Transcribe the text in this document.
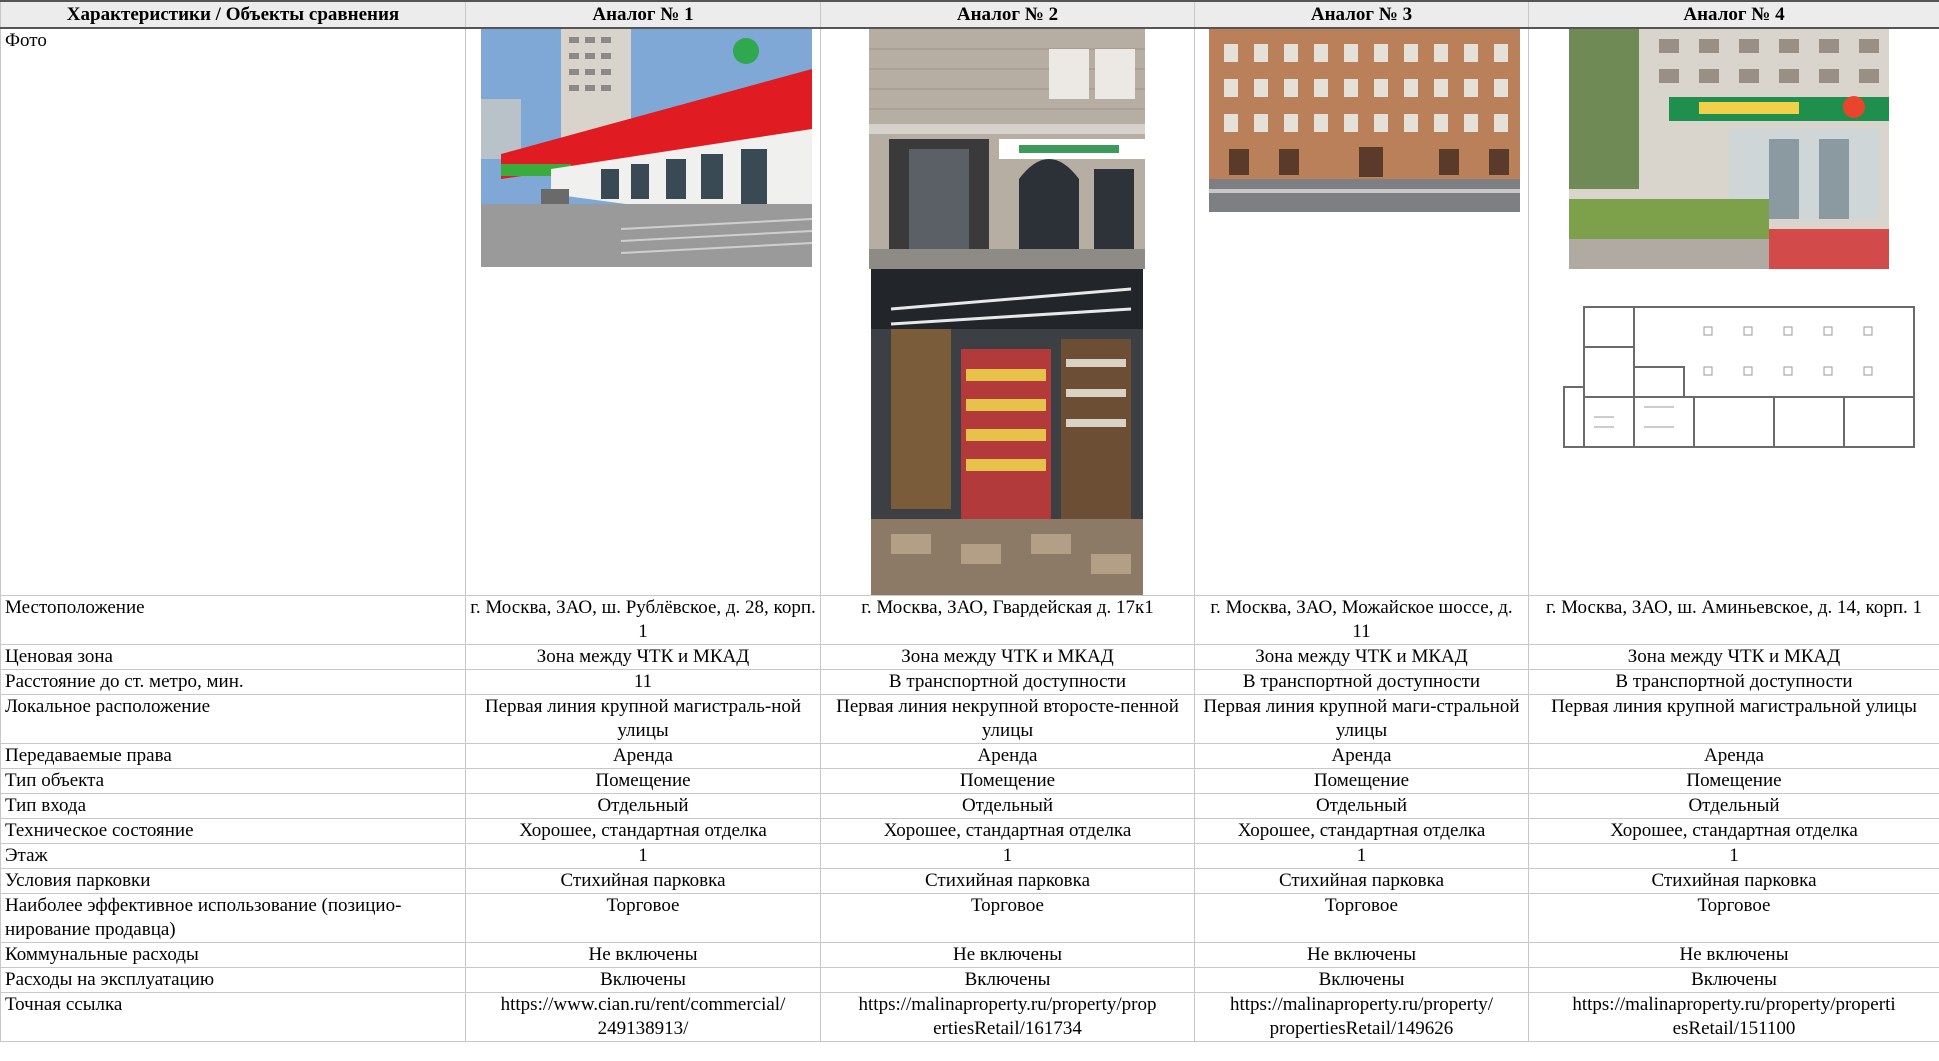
Характеристики / Объекты сравнения	Аналог № 1	Аналог № 2	Аналог № 3	Аналог № 4
Фото	

Местоположение	г. Москва, ЗАО, ш. Рублёвское, д. 28, корп. 1	г. Москва, ЗАО, Гвардейская д. 17к1	г. Москва, ЗАО, Можайское шоссе, д. 11	г. Москва, ЗАО, ш. Аминьевское, д. 14, корп. 1
Ценовая зона	Зона между ЧТК и МКАД	Зона между ЧТК и МКАД	Зона между ЧТК и МКАД	Зона между ЧТК и МКАД
Расстояние до ст. метро, мин.	11	В транспортной доступности	В транспортной доступности	В транспортной доступности
Локальное расположение	Первая линия крупной магистраль-ной улицы	Первая линия некрупной второсте-пенной улицы	Первая линия крупной маги-стральной улицы	Первая линия крупной магистральной улицы
Передаваемые права	Аренда	Аренда	Аренда	Аренда
Тип объекта	Помещение	Помещение	Помещение	Помещение
Тип входа	Отдельный	Отдельный	Отдельный	Отдельный
Техническое состояние	Хорошее, стандартная отделка	Хорошее, стандартная отделка	Хорошее, стандартная отделка	Хорошее, стандартная отделка
Этаж	1	1	1	1
Условия парковки	Стихийная парковка	Стихийная парковка	Стихийная парковка	Стихийная парковка
Наиболее эффективное использование (позицио-нирование продавца)	Торговое	Торговое	Торговое	Торговое
Коммунальные расходы	Не включены	Не включены	Не включены	Не включены
Расходы на эксплуатацию	Включены	Включены	Включены	Включены
Точная ссылка	https://www.cian.ru/rent/commercial/ 249138913/	https://malinaproperty.ru/property/prop ertiesRetail/161734	https://malinaproperty.ru/property/ propertiesRetail/149626	https://malinaproperty.ru/property/properti esRetail/151100
